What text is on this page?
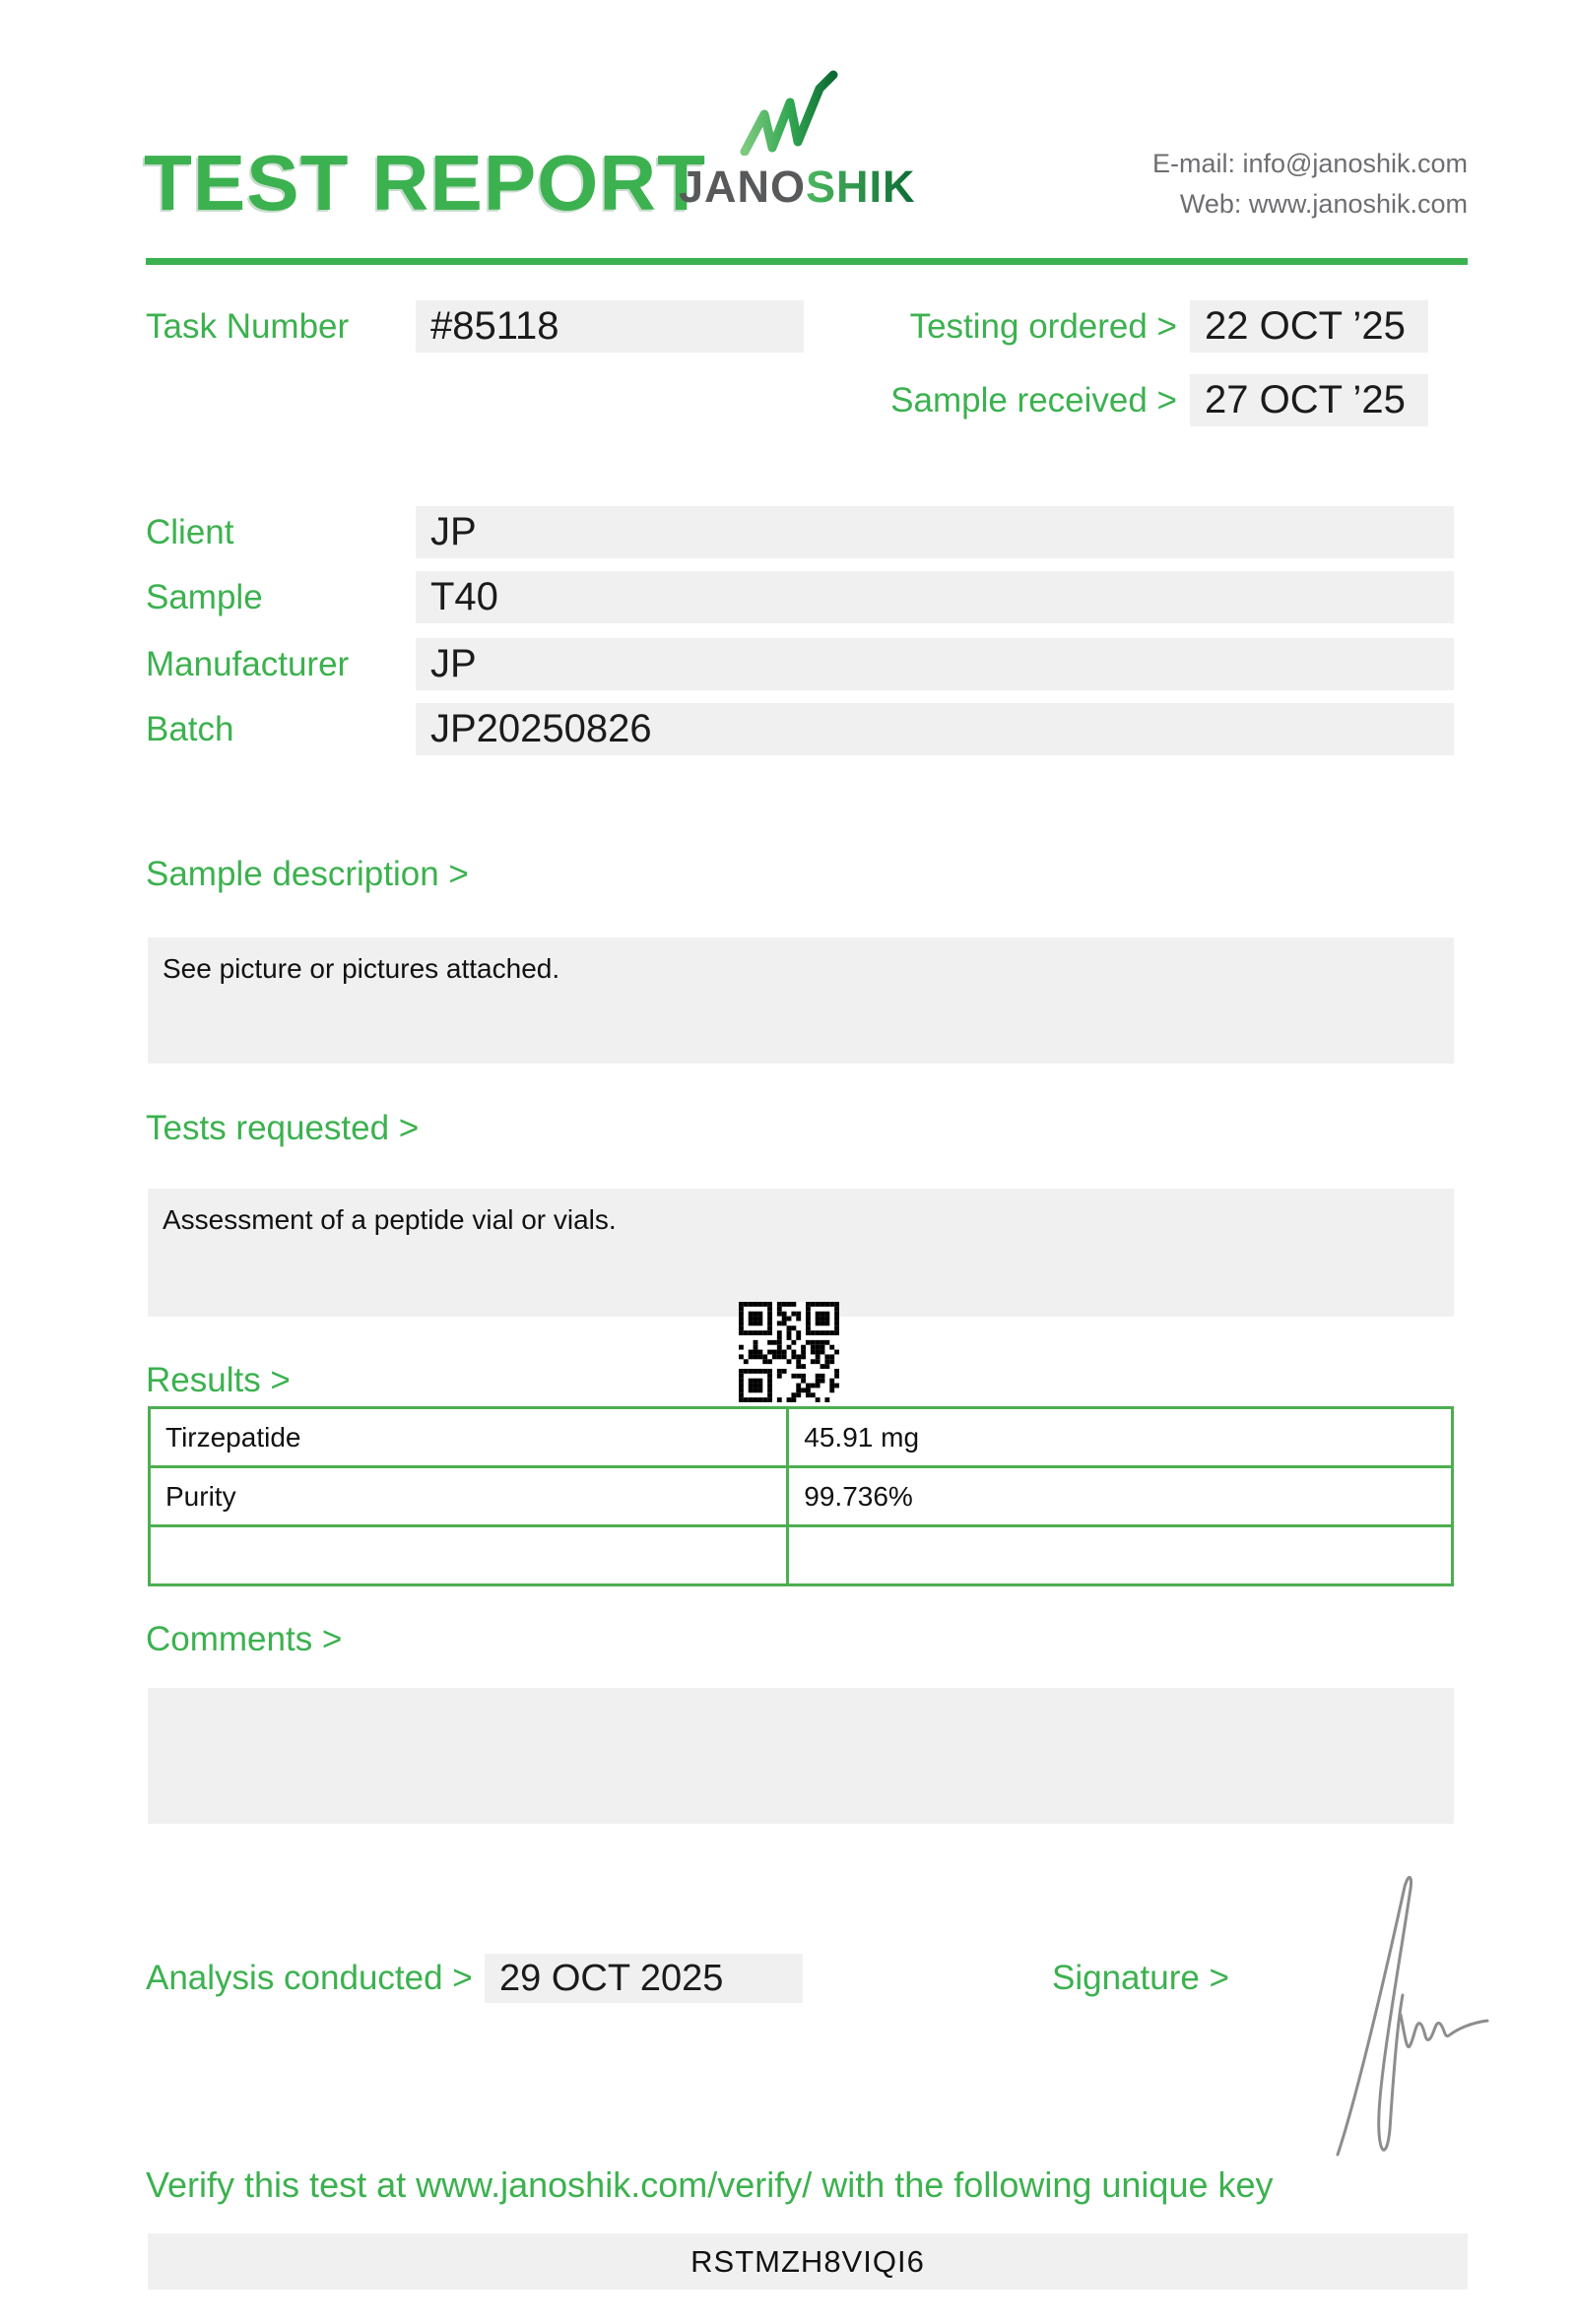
TEST REPORT
JANOSHIK	E-mail: info@janoshik.com
Web: www.janoshik.com
Task Number	#85118	Testing ordered > 22 OCT ’25
Sample received > 27 OCT ’25
Client	JP
Sample	T40
Manufacturer	JP
Batch	JP20250826
Sample description >
See picture or pictures attached.
Tests requested >
Assessment of a peptide vial or vials.
Results >
Tirzepatide	45.91 mg
Purity	99.736%

Comments >
Analysis conducted > 29 OCT 2025	Signature >
Verify this test at www.janoshik.com/verify/ with the following unique key
RSTMZH8VIQI6
